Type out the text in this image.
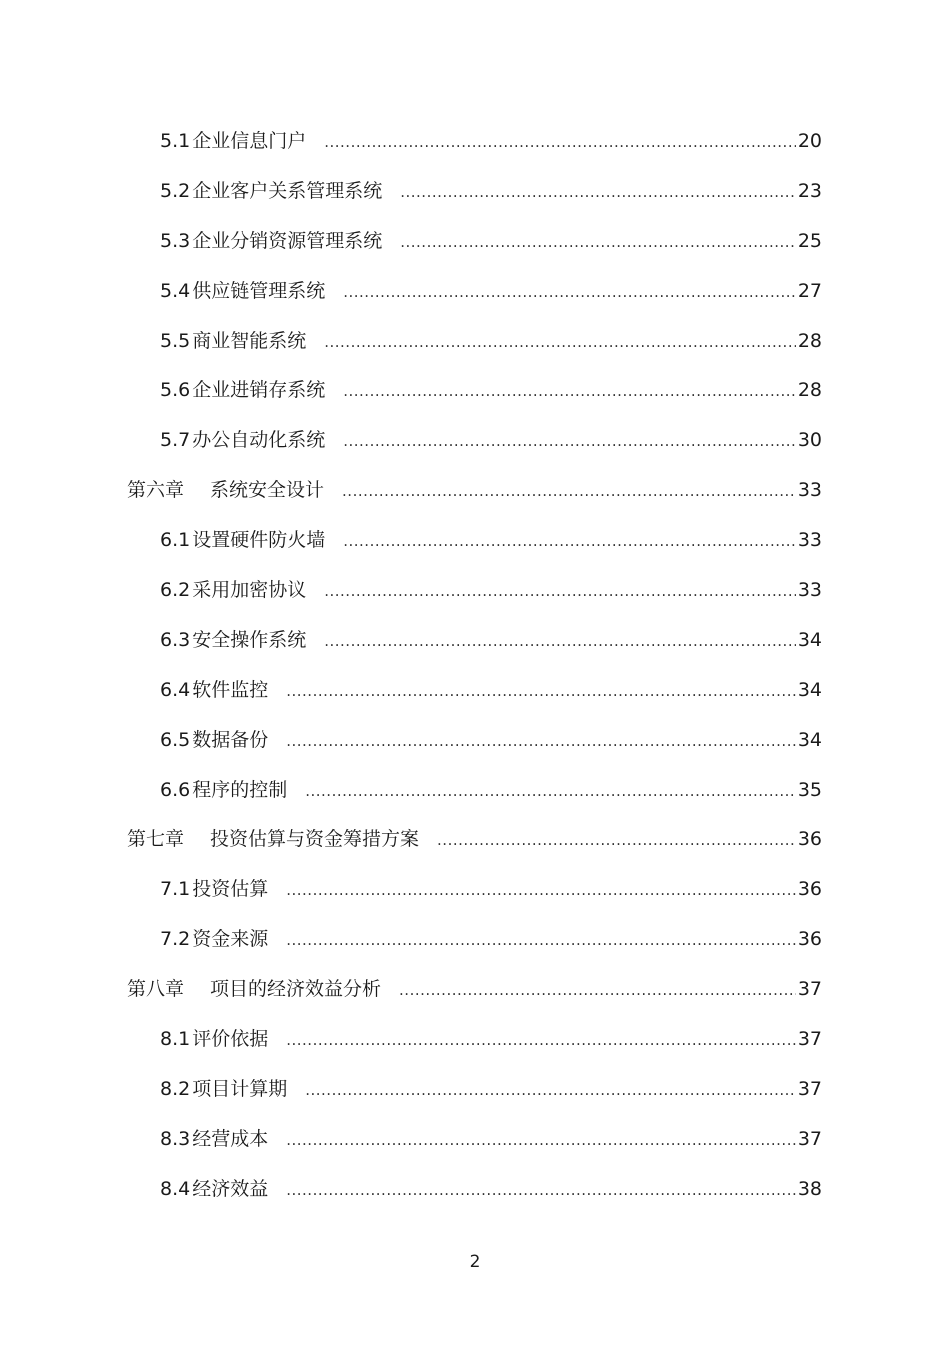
5.1 企业信息门户 .....	20
5.2 企业客户关系管理系统 .....	23
5.3 企业分销资源管理系统 .....	25
5.4 供应链管理系统 .....	27
5.5 商业智能系统 .....	28
5.6 企业进销存系统 .....	28
5.7 办公自动化系统 .....	30
第六章 系统安全设计 .....	33
6.1 设置硬件防火墙 .....	33
6.2 采用加密协议 .....	33
6.3 安全操作系统 .....	34
6.4 软件监控 .....	34
6.5 数据备份 .....	34
6.6 程序的控制 .....	35
第七章 投资估算与资金筹措方案 .....	36
7.1 投资估算 .....	36
7.2 资金来源 .....	36
第八章 项目的经济效益分析 .....	37
8.1 评价依据 .....	37
8.2 项目计算期 .....	37
8.3 经营成本 .....	37
8.4 经济效益 .....	38
2
